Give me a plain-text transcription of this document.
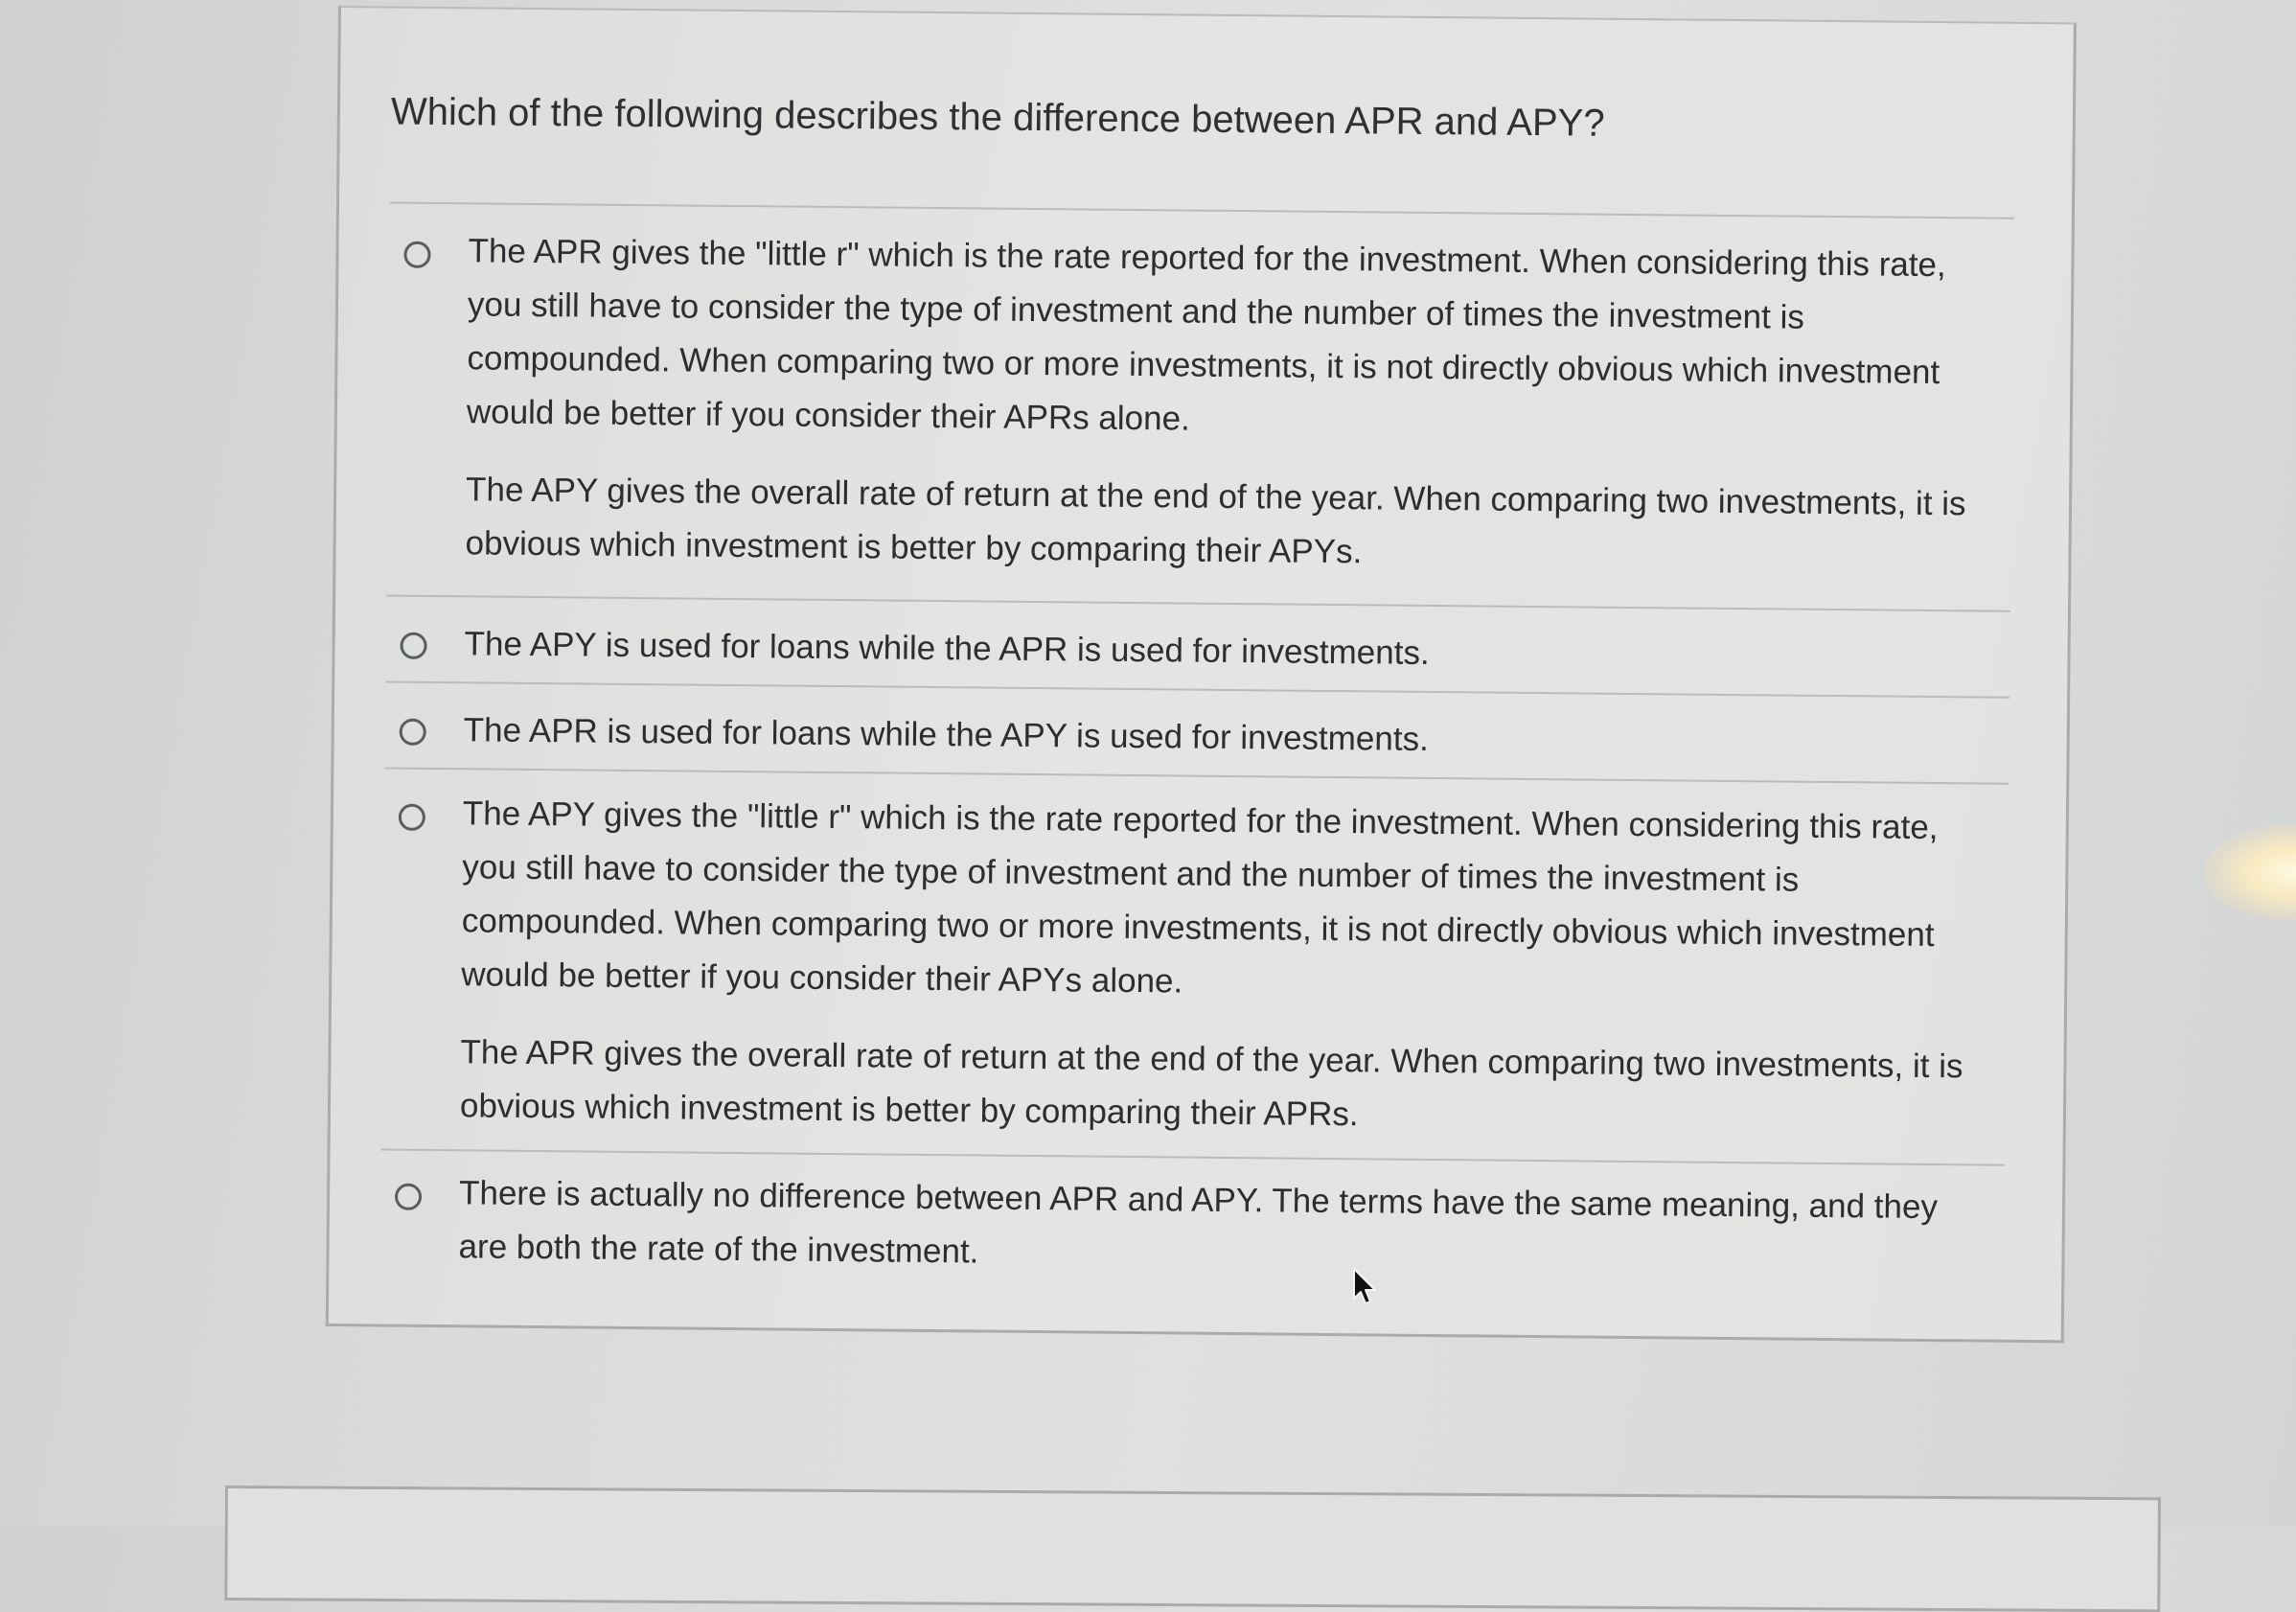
Which of the following describes the difference between APR and APY?

The APR gives the "little r" which is the rate reported for the investment. When considering this rate, you still have to consider the type of investment and the number of times the investment is compounded. When comparing two or more investments, it is not directly obvious which investment would be better if you consider their APRs alone.

The APY gives the overall rate of return at the end of the year. When comparing two investments, it is obvious which investment is better by comparing their APYs.

The APY is used for loans while the APR is used for investments.

The APR is used for loans while the APY is used for investments.

The APY gives the "little r" which is the rate reported for the investment. When considering this rate, you still have to consider the type of investment and the number of times the investment is compounded. When comparing two or more investments, it is not directly obvious which investment would be better if you consider their APYs alone.

The APR gives the overall rate of return at the end of the year. When comparing two investments, it is obvious which investment is better by comparing their APRs.

There is actually no difference between APR and APY. The terms have the same meaning, and they are both the rate of the investment.
